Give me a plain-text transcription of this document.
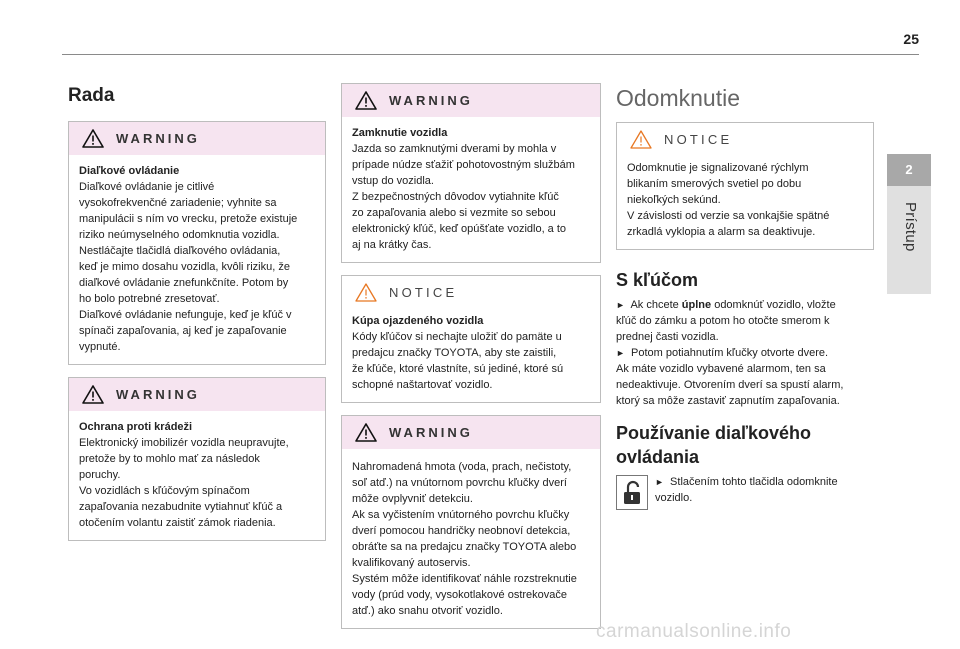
25
2
Prístup
Rada
WARNING
Diaľkové ovládanie
Diaľkové ovládanie je citlivé
vysokofrekvenčné zariadenie; vyhnite sa
manipulácii s ním vo vrecku, pretože existuje
riziko neúmyselného odomknutia vozidla.
Nestláčajte tlačidlá diaľkového ovládania,
keď je mimo dosahu vozidla, kvôli riziku, že
diaľkové ovládanie znefunkčníte. Potom by
ho bolo potrebné zresetovať.
Diaľkové ovládanie nefunguje, keď je kľúč v
spínači zapaľovania, aj keď je zapaľovanie
vypnuté.
WARNING
Ochrana proti krádeži
Elektronický imobilizér vozidla neupravujte,
pretože by to mohlo mať za následok
poruchy.
Vo vozidlách s kľúčovým spínačom
zapaľovania nezabudnite vytiahnuť kľúč a
otočením volantu zaistiť zámok riadenia.
WARNING
Zamknutie vozidla
Jazda so zamknutými dverami by mohla v
prípade núdze sťažiť pohotovostným službám
vstup do vozidla.
Z bezpečnostných dôvodov vytiahnite kľúč
zo zapaľovania alebo si vezmite so sebou
elektronický kľúč, keď opúšťate vozidlo, a to
aj na krátky čas.
NOTICE
Kúpa ojazdeného vozidla
Kódy kľúčov si nechajte uložiť do pamäte u
predajcu značky TOYOTA, aby ste zaistili,
že kľúče, ktoré vlastníte, sú jediné, ktoré sú
schopné naštartovať vozidlo.
WARNING
Nahromadená hmota (voda, prach, nečistoty,
soľ atď.) na vnútornom povrchu kľučky dverí
môže ovplyvniť detekciu.
Ak sa vyčistením vnútorného povrchu kľučky
dverí pomocou handričky neobnoví detekcia,
obráťte sa na predajcu značky TOYOTA alebo
kvalifikovaný autoservis.
Systém môže identifikovať náhle rozstreknutie
vody (prúd vody, vysokotlakové ostrekovače
atď.) ako snahu otvoriť vozidlo.
Odomknutie
NOTICE
Odomknutie je signalizované rýchlym
blikaním smerových svetiel po dobu
niekoľkých sekúnd.
V závislosti od verzie sa vonkajšie spätné
zrkadlá vyklopia a alarm sa deaktivuje.
S kľúčom

► Ak chcete úplne odomknúť vozidlo, vložte

kľúč do zámku a potom ho otočte smerom k

prednej časti vozidla.

► Potom potiahnutím kľučky otvorte dvere.

Ak máte vozidlo vybavené alarmom, ten sa

nedeaktivuje. Otvorením dverí sa spustí alarm,

ktorý sa môže zastaviť zapnutím zapaľovania.

Používanie diaľkového
ovládania

► Stlačením tohto tlačidla odomknite

vozidlo.

carmanualsonline.info
